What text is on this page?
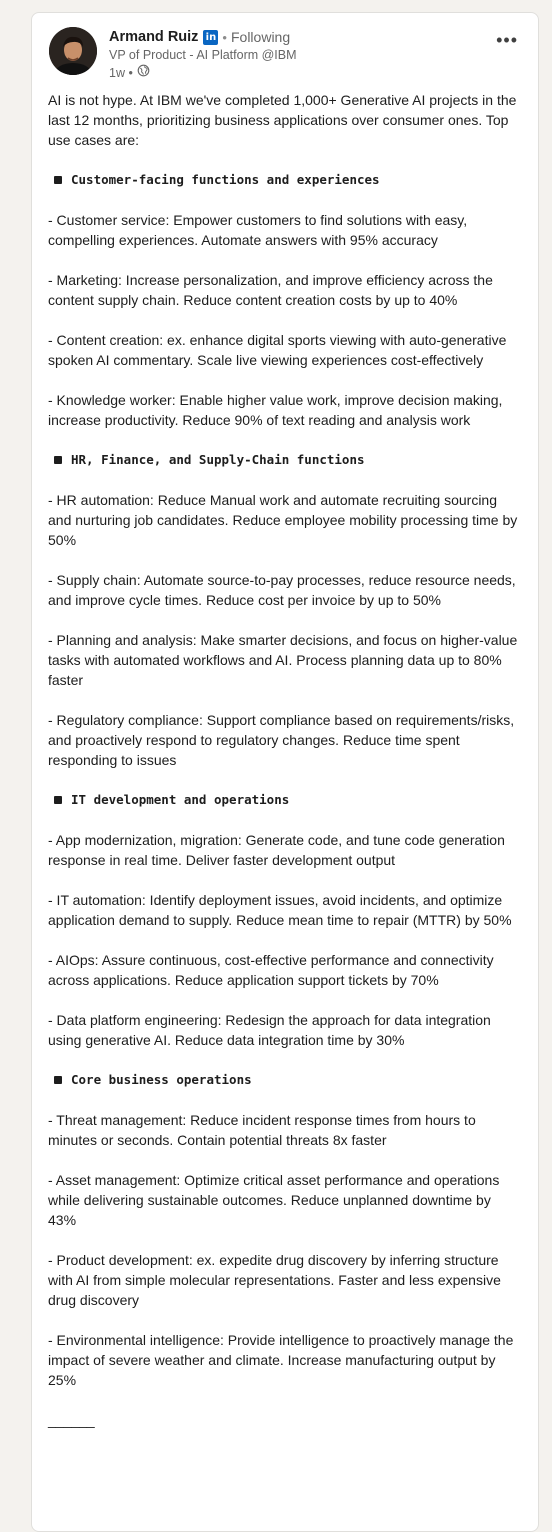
Armand Ruiz in • Following
VP of Product - AI Platform @IBM
1w •
•••

AI is not hype. At IBM we've completed 1,000+ Generative AI projects in the last 12 months, prioritizing business applications over consumer ones. Top use cases are:

Customer-facing functions and experiences

- Customer service: Empower customers to find solutions with easy, compelling experiences. Automate answers with 95% accuracy

- Marketing: Increase personalization, and improve efficiency across the content supply chain. Reduce content creation costs by up to 40%

- Content creation: ex. enhance digital sports viewing with auto-generative spoken AI commentary. Scale live viewing experiences cost-effectively

- Knowledge worker: Enable higher value work, improve decision making, increase productivity. Reduce 90% of text reading and analysis work

HR, Finance, and Supply-Chain functions

- HR automation: Reduce Manual work and automate recruiting sourcing and nurturing job candidates. Reduce employee mobility processing time by 50%

- Supply chain: Automate source-to-pay processes, reduce resource needs, and improve cycle times. Reduce cost per invoice by up to 50%

- Planning and analysis: Make smarter decisions, and focus on higher-value tasks with automated workflows and AI. Process planning data up to 80% faster

- Regulatory compliance: Support compliance based on requirements/risks, and proactively respond to regulatory changes. Reduce time spent responding to issues

IT development and operations

- App modernization, migration: Generate code, and tune code generation response in real time. Deliver faster development output

- IT automation: Identify deployment issues, avoid incidents, and optimize application demand to supply. Reduce mean time to repair (MTTR) by 50%

- AIOps: Assure continuous, cost-effective performance and connectivity across applications. Reduce application support tickets by 70%

- Data platform engineering: Redesign the approach for data integration using generative AI. Reduce data integration time by 30%

Core business operations

- Threat management: Reduce incident response times from hours to minutes or seconds. Contain potential threats 8x faster

- Asset management: Optimize critical asset performance and operations while delivering sustainable outcomes. Reduce unplanned downtime by 43%

- Product development: ex. expedite drug discovery by inferring structure with AI from simple molecular representations. Faster and less expensive drug discovery

- Environmental intelligence: Provide intelligence to proactively manage the impact of severe weather and climate. Increase manufacturing output by 25%

______
